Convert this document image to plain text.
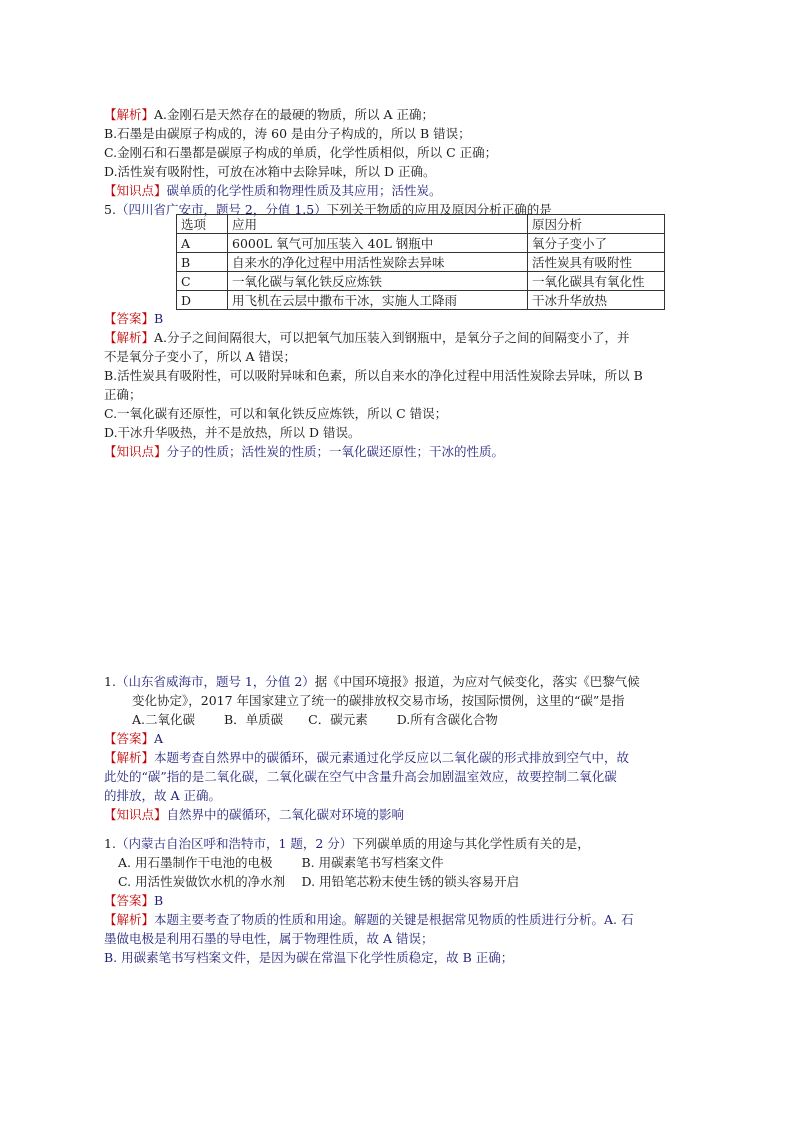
【解析】A.金刚石是天然存在的最硬的物质，所以 A 正确；
B.石墨是由碳原子构成的，涛 60 是由分子构成的，所以 B 错误；
C.金刚石和石墨都是碳原子构成的单质，化学性质相似，所以 C 正确；
D.活性炭有吸附性，可放在冰箱中去除异味，所以 D 正确。
【知识点】碳单质的化学性质和物理性质及其应用；活性炭。
5.（四川省广安市，题号 2，分值 1.5）下列关于物质的应用及原因分析正确的是
选项	应用	原因分析
A	6000L 氧气可加压装入 40L 钢瓶中	氧分子变小了
B	自来水的净化过程中用活性炭除去异味	活性炭具有吸附性
C	一氧化碳与氧化铁反应炼铁	一氧化碳具有氧化性
D	用飞机在云层中撒布干冰，实施人工降雨	干冰升华放热
【答案】B
【解析】A.分子之间间隔很大，可以把氧气加压装入到钢瓶中，是氧分子之间的间隔变小了，并
不是氧分子变小了，所以 A 错误；
B.活性炭具有吸附性，可以吸附异味和色素，所以自来水的净化过程中用活性炭除去异味，所以 B
正确；
C.一氧化碳有还原性，可以和氧化铁反应炼铁，所以 C 错误；
D.干冰升华吸热，并不是放热，所以 D 错误。
【知识点】分子的性质；活性炭的性质；一氧化碳还原性；干冰的性质。
1.（山东省威海市，题号 1，分值 2）据《中国环境报》报道，为应对气候变化，落实《巴黎气候
变化协定》，2017 年国家建立了统一的碳排放权交易市场，按国际惯例，这里的“碳”是指
A.二氧化碳　　 B．单质碳　　C．碳元素　　 D.所有含碳化合物
【答案】A
【解析】本题考查自然界中的碳循环，碳元素通过化学反应以二氧化碳的形式排放到空气中，故
此处的“碳”指的是二氧化碳，二氧化碳在空气中含量升高会加剧温室效应，故要控制二氧化碳
的排放，故 A 正确。
【知识点】自然界中的碳循环，二氧化碳对环境的影响
1.（内蒙古自治区呼和浩特市，1 题，2 分）下列碳单质的用途与其化学性质有关的是，
A. 用石墨制作干电池的电极　　 B. 用碳素笔书写档案文件
C. 用活性炭做饮水机的净水剂　 D. 用铅笔芯粉末使生锈的锁头容易开启
【答案】B
【解析】本题主要考查了物质的性质和用途。解题的关键是根据常见物质的性质进行分析。A. 石
墨做电极是利用石墨的导电性，属于物理性质，故 A 错误；
B. 用碳素笔书写档案文件，是因为碳在常温下化学性质稳定，故 B 正确；
